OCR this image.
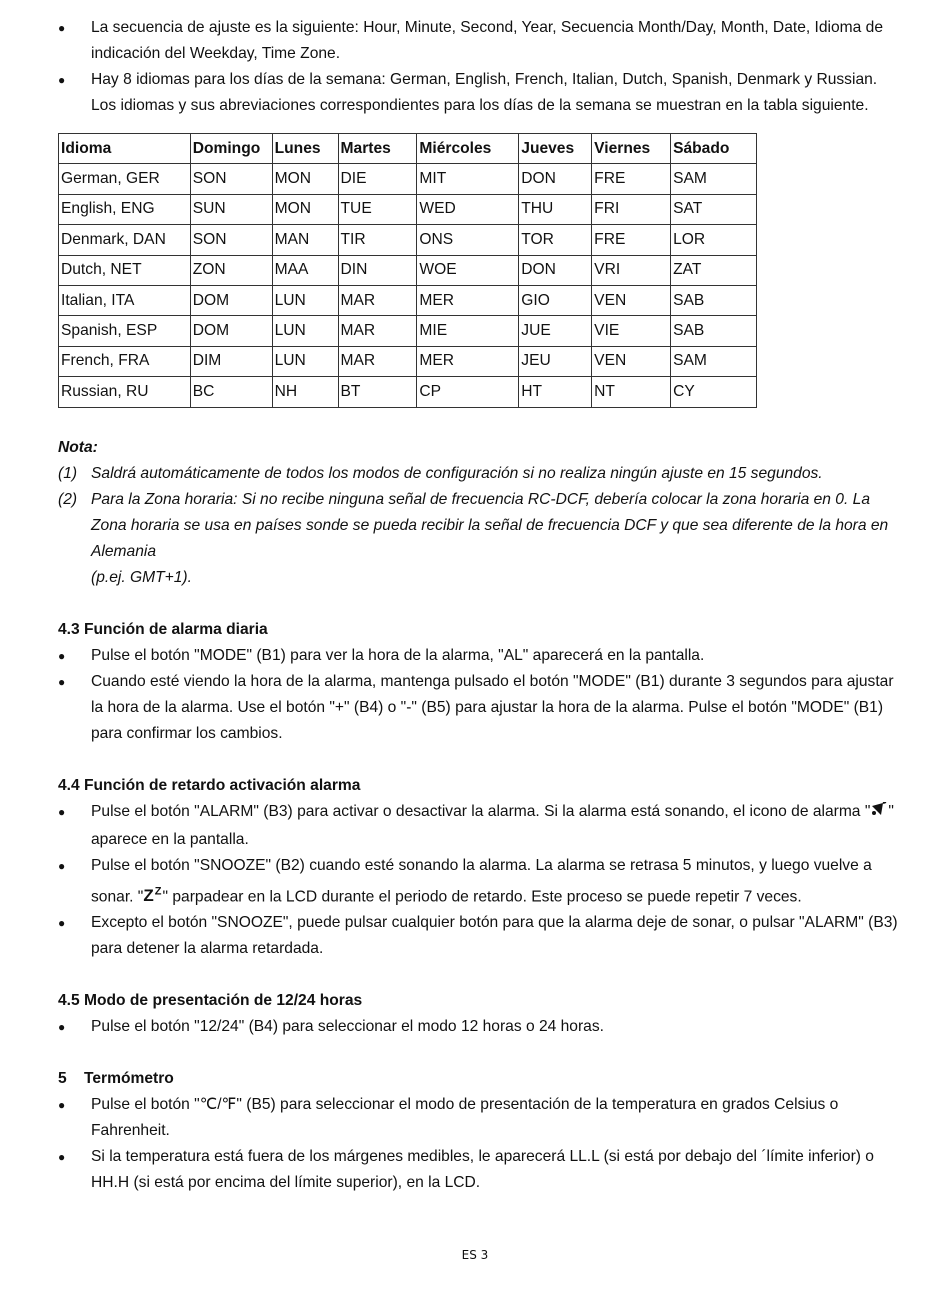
● La secuencia de ajuste es la siguiente: Hour, Minute, Second, Year, Secuencia Month/Day, Month, Date, Idioma de indicación del Weekday, Time Zone.
● Hay 8 idiomas para los días de la semana: German, English, French, Italian, Dutch, Spanish, Denmark y Russian. Los idiomas y sus abreviaciones correspondientes para los días de la semana se muestran en la tabla siguiente.
Idioma	Domingo	Lunes	Martes	Miércoles	Jueves	Viernes	Sábado
German, GER	SON	MON	DIE	MIT	DON	FRE	SAM
English, ENG	SUN	MON	TUE	WED	THU	FRI	SAT
Denmark, DAN	SON	MAN	TIR	ONS	TOR	FRE	LOR
Dutch, NET	ZON	MAA	DIN	WOE	DON	VRI	ZAT
Italian, ITA	DOM	LUN	MAR	MER	GIO	VEN	SAB
Spanish, ESP	DOM	LUN	MAR	MIE	JUE	VIE	SAB
French, FRA	DIM	LUN	MAR	MER	JEU	VEN	SAM
Russian, RU	BC	NH	BT	CP	HT	NT	CY
Nota:
(1) Saldrá automáticamente de todos los modos de configuración si no realiza ningún ajuste en 15 segundos.
(2) Para la Zona horaria: Si no recibe ninguna señal de frecuencia RC-DCF, debería colocar la zona horaria en 0. La Zona horaria se usa en países sonde se pueda recibir la señal de frecuencia DCF y que sea diferente de la hora en Alemania
(p.ej. GMT+1).
4.3 Función de alarma diaria
● Pulse el botón "MODE" (B1) para ver la hora de la alarma, "AL" aparecerá en la pantalla.
● Cuando esté viendo la hora de la alarma, mantenga pulsado el botón "MODE" (B1) durante 3 segundos para ajustar la hora de la alarma. Use el botón "+" (B4) o "-" (B5) para ajustar la hora de la alarma. Pulse el botón "MODE" (B1) para confirmar los cambios.
4.4 Función de retardo activación alarma
● Pulse el botón "ALARM" (B3) para activar o desactivar la alarma. Si la alarma está sonando, el icono de alarma " " aparece en la pantalla.
● Pulse el botón "SNOOZE" (B2) cuando esté sonando la alarma. La alarma se retrasa 5 minutos, y luego vuelve a sonar. "$Z^Z$" parpadear en la LCD durante el periodo de retardo. Este proceso se puede repetir 7 veces.
● Excepto el botón "SNOOZE", puede pulsar cualquier botón para que la alarma deje de sonar, o pulsar "ALARM" (B3) para detener la alarma retardada.
4.5 Modo de presentación de 12/24 horas
● Pulse el botón "12/24" (B4) para seleccionar el modo 12 horas o 24 horas.
5    Termómetro
● Pulse el botón "℃/℉" (B5) para seleccionar el modo de presentación de la temperatura en grados Celsius o Fahrenheit.
● Si la temperatura está fuera de los márgenes medibles, le aparecerá LL.L (si está por debajo del ´límite inferior) o HH.H (si está por encima del límite superior), en la LCD.
ES 3
